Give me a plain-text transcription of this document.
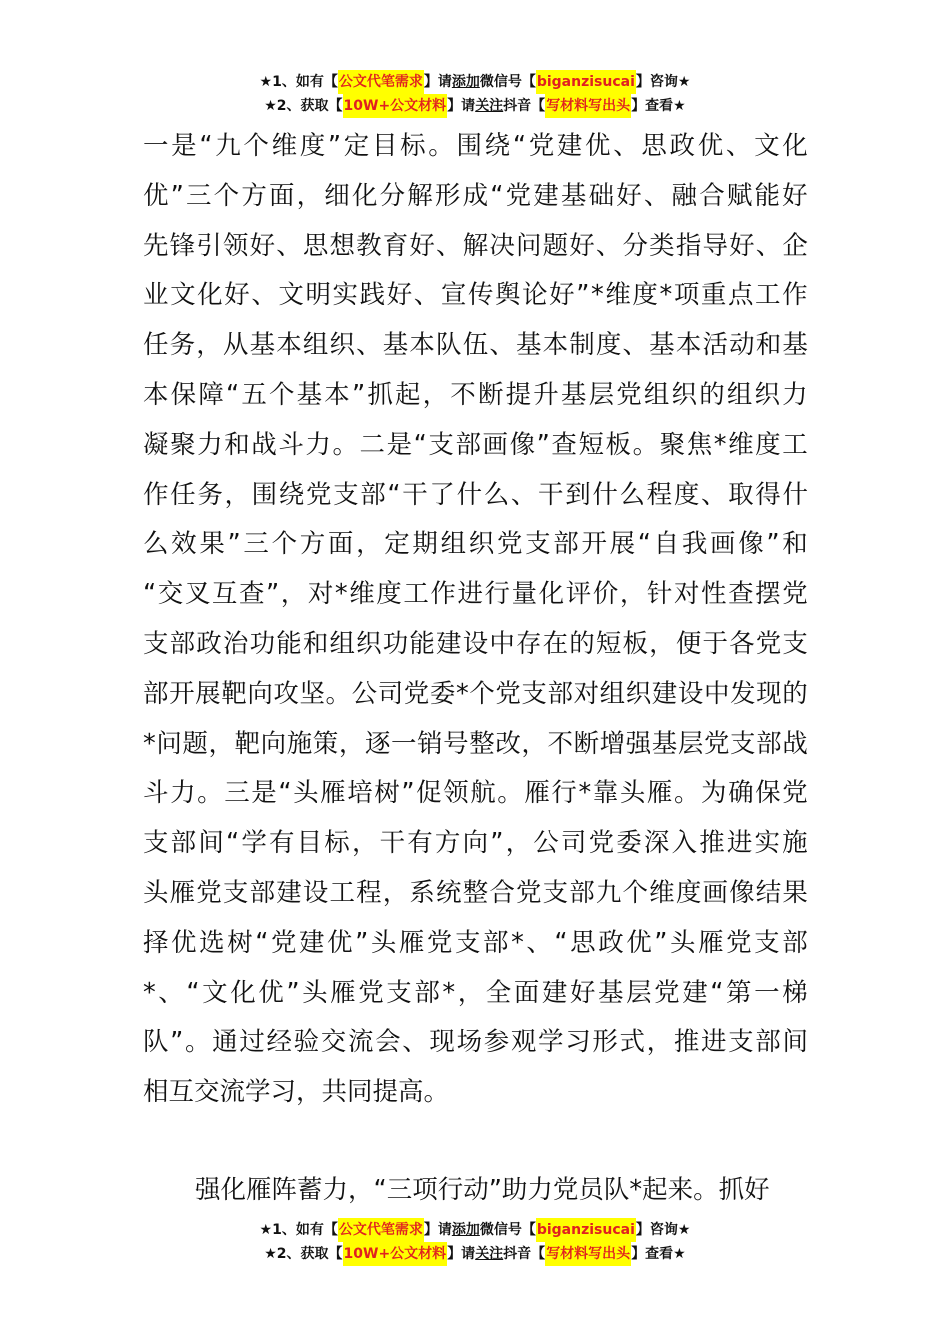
★1、如有【 公文代笔需求 】请 添加 微信号【 biganzisucai 】咨询★
★2、获取【 10W+公文材料 】请 关注 抖音【 写材料写出头 】查看★
一 是 “ 九 个 维 度 ” 定 目 标 。 围 绕 “ 党 建 优 、 思 政 优 、 文 化
优 ” 三 个 方 面 ， 细 化 分 解 形 成 “ 党 建 基 础 好 、 融 合 赋 能 好
先 锋 引 领 好 、 思 想 教 育 好 、 解 决 问 题 好 、 分 类 指 导 好 、 企
业 文 化 好 、 文 明 实 践 好 、 宣 传 舆 论 好 ” * 维 度 * 项 重 点 工 作
任 务 ， 从 基 本 组 织 、 基 本 队 伍 、 基 本 制 度 、 基 本 活 动 和 基
本 保 障 “ 五 个 基 本 ” 抓 起 ， 不 断 提 升 基 层 党 组 织 的 组 织 力
凝 聚 力 和 战 斗 力 。 二 是 “ 支 部 画 像 ” 查 短 板 。 聚 焦 * 维 度 工
作 任 务 ， 围 绕 党 支 部 “ 干 了 什 么 、 干 到 什 么 程 度 、 取 得 什
么 效 果 ” 三 个 方 面 ， 定 期 组 织 党 支 部 开 展 “ 自 我 画 像 ” 和
“ 交 叉 互 查 ” ， 对 * 维 度 工 作 进 行 量 化 评 价 ， 针 对 性 查 摆 党
支 部 政 治 功 能 和 组 织 功 能 建 设 中 存 在 的 短 板 ， 便 于 各 党 支
部 开 展 靶 向 攻 坚 。 公 司 党 委 * 个 党 支 部 对 组 织 建 设 中 发 现 的
* 问 题 ， 靶 向 施 策 ， 逐 一 销 号 整 改 ， 不 断 增 强 基 层 党 支 部 战
斗 力 。 三 是 “ 头 雁 培 树 ” 促 领 航 。 雁 行 * 靠 头 雁 。 为 确 保 党
支 部 间 “ 学 有 目 标 ， 干 有 方 向 ” ， 公 司 党 委 深 入 推 进 实 施
头 雁 党 支 部 建 设 工 程 ， 系 统 整 合 党 支 部 九 个 维 度 画 像 结 果
择 优 选 树 “ 党 建 优 ” 头 雁 党 支 部 * 、 “ 思 政 优 ” 头 雁 党 支 部
* 、 “ 文 化 优 ” 头 雁 党 支 部 * ， 全 面 建 好 基 层 党 建 “ 第 一 梯
队 ” 。 通 过 经 验 交 流 会 、 现 场 参 观 学 习 形 式 ， 推 进 支 部 间
相互交流学习，共同提高。
强化雁阵蓄力，“三项行动”助力党员队*起来。抓好
★1、如有【 公文代笔需求 】请 添加 微信号【 biganzisucai 】咨询★
★2、获取【 10W+公文材料 】请 关注 抖音【 写材料写出头 】查看★
